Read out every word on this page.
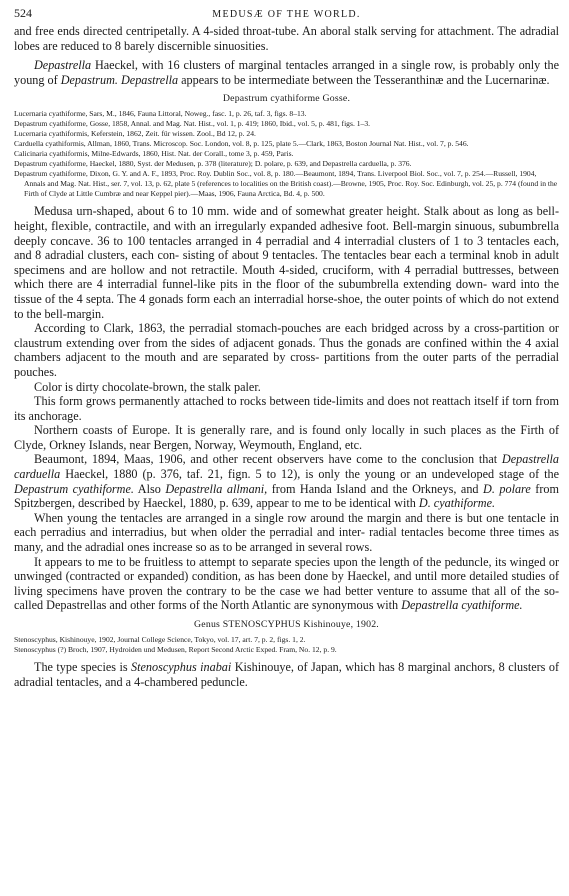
524	MEDUSÆ OF THE WORLD.

and free ends directed centripetally. A 4-sided throat-tube. An aboral stalk serving for attachment. The adradial lobes are reduced to 8 barely discernible sinuosities.

Depastrella Haeckel, with 16 clusters of marginal tentacles arranged in a single row, is probably only the young of Depastrum. Depastrella appears to be intermediate between the Tesseranthinæ and the Lucernarinæ.

Depastrum cyathiforme Gosse.

Lucernaria cyathiforme, Sars, M., 1846, Fauna Littoral, Noweg., fasc. 1, p. 26, taf. 3, figs. 8–13.

Depastrum cyathiforme, Gosse, 1858, Annal. and Mag. Nat. Hist., vol. 1, p. 419; 1860, Ibid., vol. 5, p. 481, figs. 1–3.

Lucernaria cyathiformis, Keferstein, 1862, Zeit. für wissen. Zool., Bd 12, p. 24.

Carduella cyathiformis, Allman, 1860, Trans. Microscop. Soc. London, vol. 8, p. 125, plate 5.—Clark, 1863, Boston Journal Nat. Hist., vol. 7, p. 546.

Calicinaria cyathiformis, Milne-Edwards, 1860, Hist. Nat. der Corall., tome 3, p. 459, Paris.

Depastrum cyathiforme, Haeckel, 1880, Syst. der Medusen, p. 378 (literature); D. polare, p. 639, and Depastrella carduella, p. 376.

Depastrum cyathiforme, Dixon, G. Y. and A. F., 1893, Proc. Roy. Dublin Soc., vol. 8, p. 180.—Beaumont, 1894, Trans. Liverpool Biol. Soc., vol. 7, p. 254.—Russell, 1904, Annals and Mag. Nat. Hist., ser. 7, vol. 13, p. 62, plate 5 (references to localities on the British coast).—Browne, 1905, Proc. Roy. Soc. Edinburgh, vol. 25, p. 774 (found in the Firth of Clyde at Little Cumbræ and near Keppel pier).—Maas, 1906, Fauna Arctica, Bd. 4, p. 500.

Medusa urn-shaped, about 6 to 10 mm. wide and of somewhat greater height. Stalk about as long as bell-height, flexible, contractile, and with an irregularly expanded adhesive foot. Bell-margin sinuous, subumbrella deeply concave. 36 to 100 tentacles arranged in 4 perradial and 4 interradial clusters of 1 to 3 tentacles each, and 8 adradial clusters, each con- sisting of about 9 tentacles. The tentacles bear each a terminal knob in adult specimens and are hollow and not retractile. Mouth 4-sided, cruciform, with 4 perradial buttresses, between which there are 4 interradial funnel-like pits in the floor of the subumbrella extending down- ward into the tissue of the 4 septa. The 4 gonads form each an interradial horse-shoe, the outer points of which do not extend to the bell-margin.

According to Clark, 1863, the perradial stomach-pouches are each bridged across by a cross-partition or claustrum extending over from the sides of adjacent gonads. Thus the gonads are confined within the 4 axial chambers adjacent to the mouth and are separated by cross- partitions from the outer parts of the perradial pouches.

Color is dirty chocolate-brown, the stalk paler.

This form grows permanently attached to rocks between tide-limits and does not reattach itself if torn from its anchorage.

Northern coasts of Europe. It is generally rare, and is found only locally in such places as the Firth of Clyde, Orkney Islands, near Bergen, Norway, Weymouth, England, etc.

Beaumont, 1894, Maas, 1906, and other recent observers have come to the conclusion that Depastrella carduella Haeckel, 1880 (p. 376, taf. 21, fign. 5 to 12), is only the young or an undeveloped stage of the Depastrum cyathiforme. Also Depastrella allmani, from Handa Island and the Orkneys, and D. polare from Spitzbergen, described by Haeckel, 1880, p. 639, appear to me to be identical with D. cyathiforme.

When young the tentacles are arranged in a single row around the margin and there is but one tentacle in each perradius and interradius, but when older the perradial and inter- radial tentacles become three times as many, and the adradial ones increase so as to be arranged in several rows.

It appears to me to be fruitless to attempt to separate species upon the length of the peduncle, its winged or unwinged (contracted or expanded) condition, as has been done by Haeckel, and until more detailed studies of living specimens have proven the contrary to be the case we had better venture to assume that all of the so-called Depastrellas and other forms of the North Atlantic are synonymous with Depastrella cyathiforme.

Genus STENOSCYPHUS Kishinouye, 1902.

Stenoscyphus, Kishinouye, 1902, Journal College Science, Tokyo, vol. 17, art. 7, p. 2, figs. 1, 2.

Stenoscyphus (?) Broch, 1907, Hydroiden und Medusen, Report Second Arctic Exped. Fram, No. 12, p. 9.

The type species is Stenoscyphus inabai Kishinouye, of Japan, which has 8 marginal anchors, 8 clusters of adradial tentacles, and a 4-chambered peduncle.
